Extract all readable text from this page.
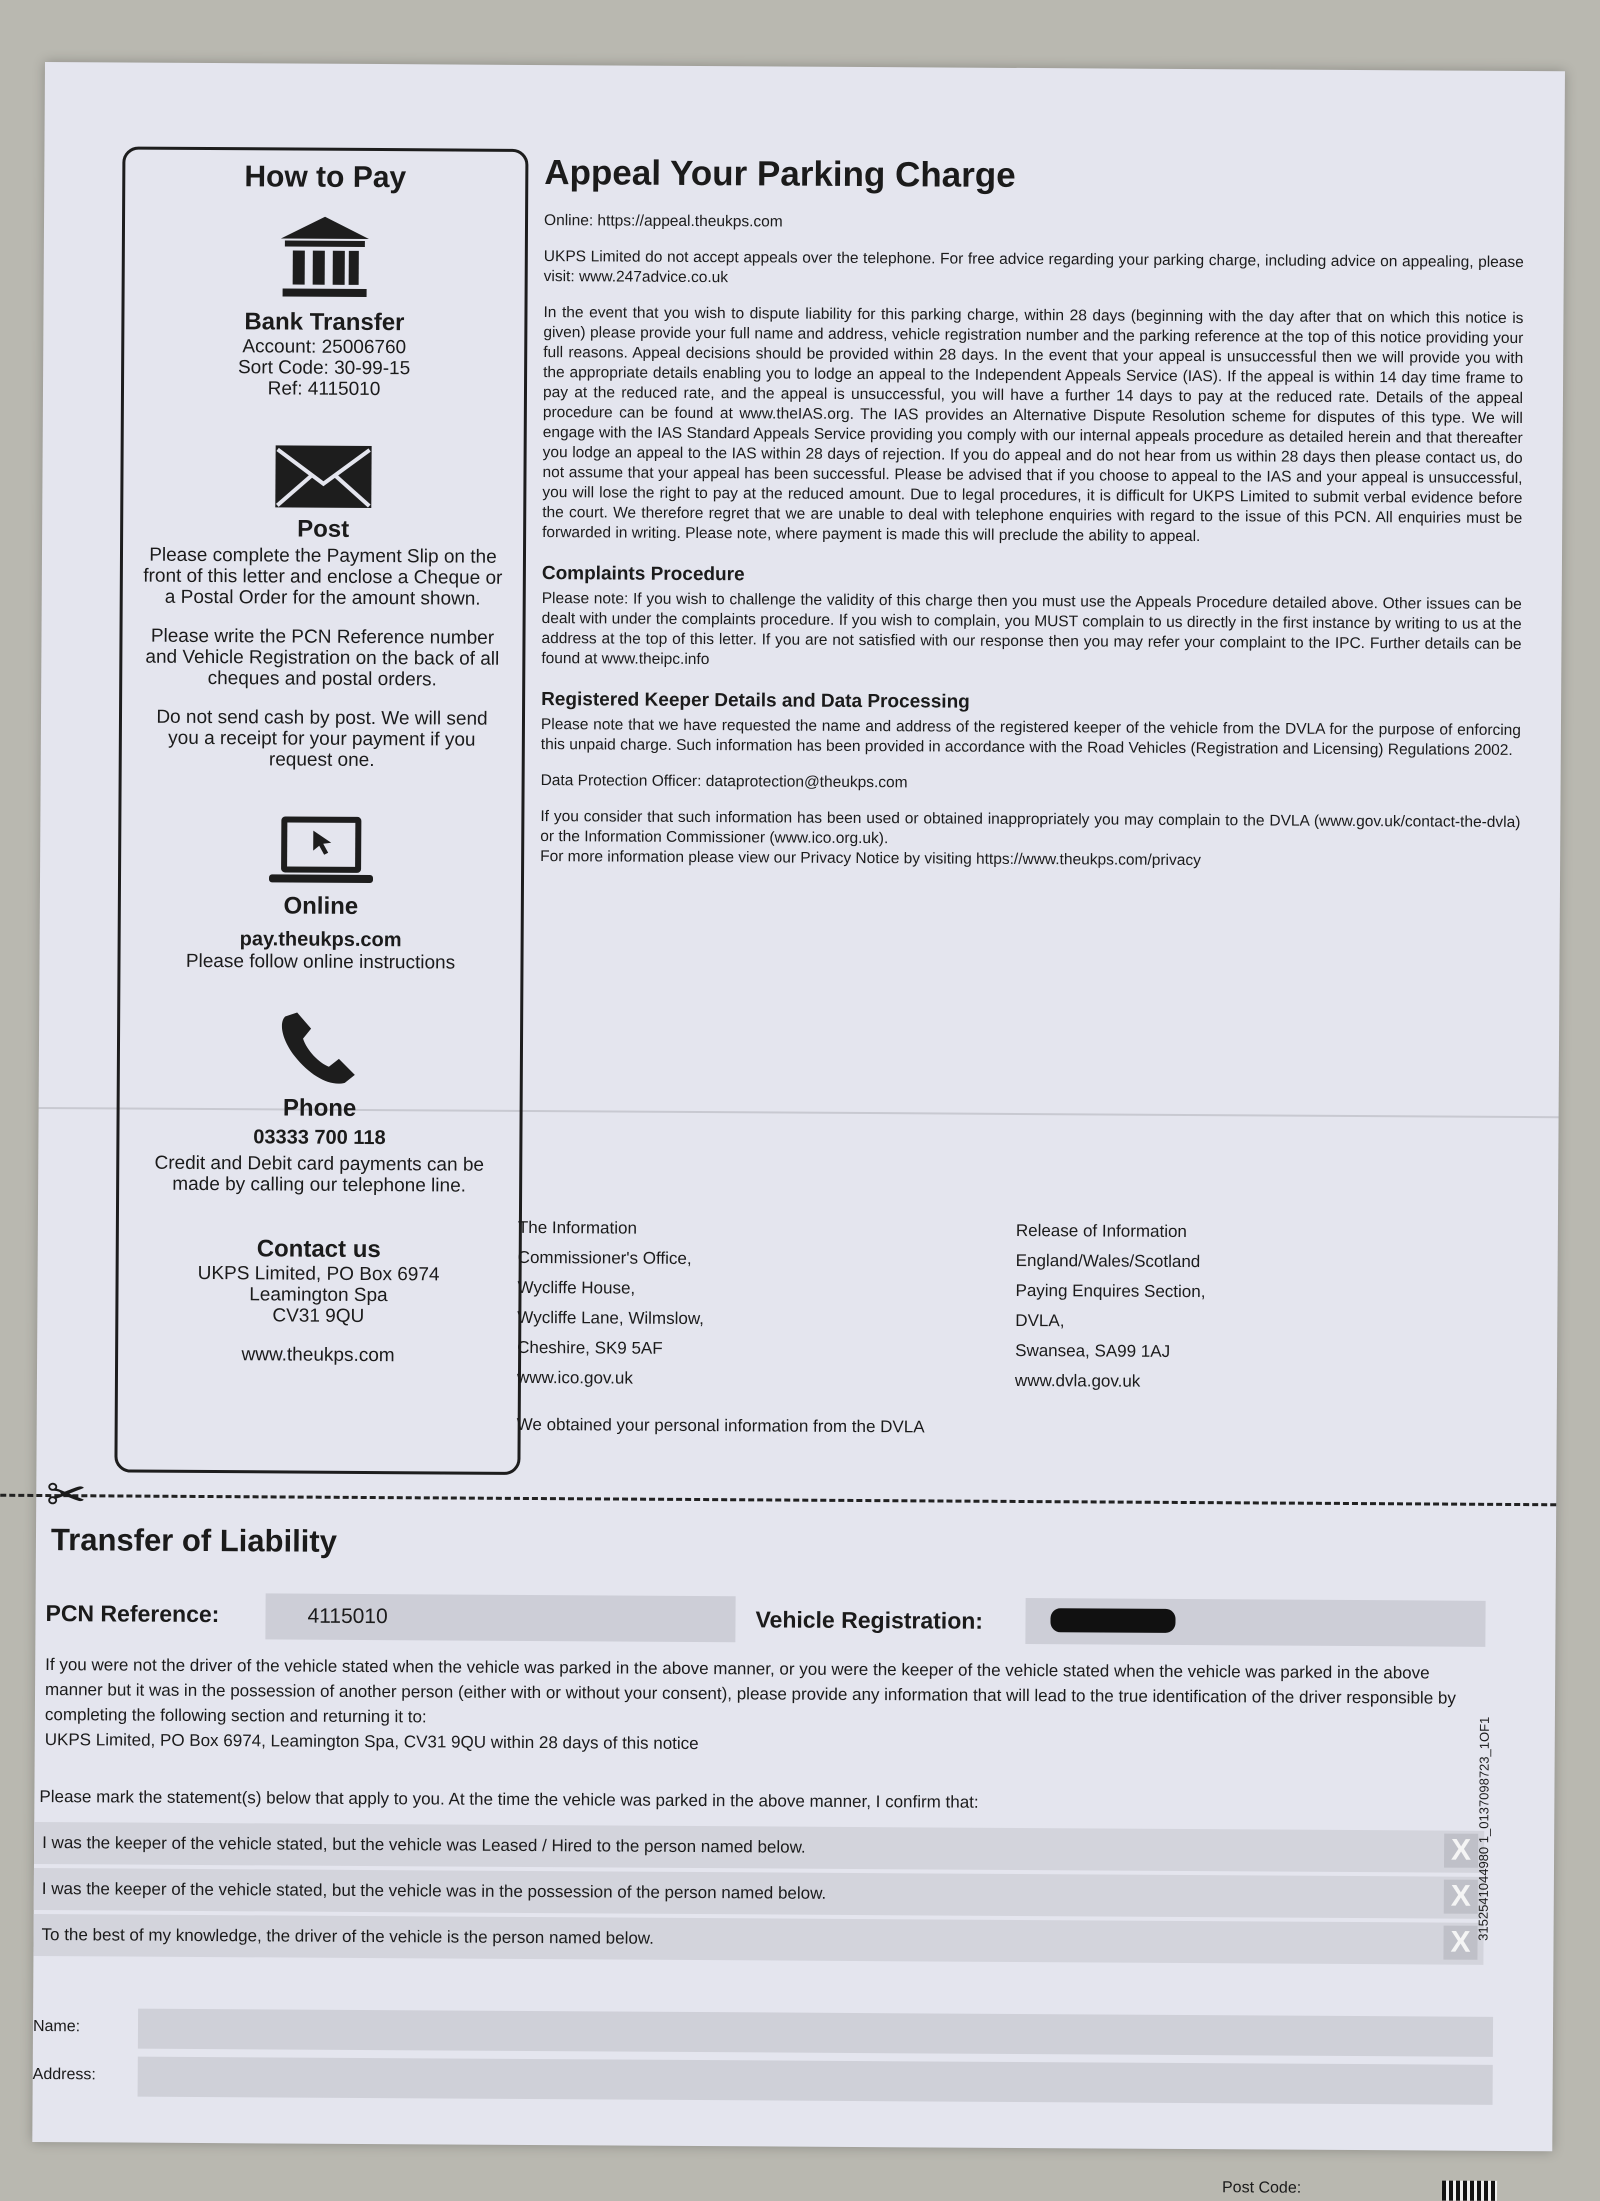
How to Pay
Bank Transfer
Account: 25006760
Sort Code: 30-99-15
Ref: 4115010
Post
Please complete the Payment Slip on the front of this letter and enclose a Cheque or a Postal Order for the amount shown.
Please write the PCN Reference number and Vehicle Registration on the back of all cheques and postal orders.
Do not send cash by post. We will send you a receipt for your payment if you request one.
Online
pay.theukps.com
Please follow online instructions
Phone
03333 700 118
Credit and Debit card payments can be made by calling our telephone line.
Contact us
UKPS Limited, PO Box 6974
Leamington Spa
CV31 9QU
www.theukps.com
Appeal Your Parking Charge

Online: https://appeal.theukps.com

UKPS Limited do not accept appeals over the telephone. For free advice regarding your parking charge, including advice on appealing, please visit: www.247advice.co.uk

In the event that you wish to dispute liability for this parking charge, within 28 days (beginning with the day after that on which this notice is given) please provide your full name and address, vehicle registration number and the parking reference at the top of this notice providing your full reasons. Appeal decisions should be provided within 28 days. In the event that your appeal is unsuccessful then we will provide you with the appropriate details enabling you to lodge an appeal to the Independent Appeals Service (IAS). If the appeal is within 14 day time frame to pay at the reduced rate, and the appeal is unsuccessful, you will have a further 14 days to pay at the reduced rate. Details of the appeal procedure can be found at www.theIAS.org. The IAS provides an Alternative Dispute Resolution scheme for disputes of this type. We will engage with the IAS Standard Appeals Service providing you comply with our internal appeals procedure as detailed herein and that thereafter you lodge an appeal to the IAS within 28 days of rejection. If you do appeal and do not hear from us within 28 days then please contact us, do not assume that your appeal has been successful. Please be advised that if you choose to appeal to the IAS and your appeal is unsuccessful, you will lose the right to pay at the reduced amount. Due to legal procedures, it is difficult for UKPS Limited to submit verbal evidence before the court. We therefore regret that we are unable to deal with telephone enquiries with regard to the issue of this PCN. All enquiries must be forwarded in writing. Please note, where payment is made this will preclude the ability to appeal.

Complaints Procedure

Please note: If you wish to challenge the validity of this charge then you must use the Appeals Procedure detailed above. Other issues can be dealt with under the complaints procedure. If you wish to complain, you MUST complain to us directly in the first instance by writing to us at the address at the top of this letter. If you are not satisfied with our response then you may refer your complaint to the IPC. Further details can be found at www.theipc.info

Registered Keeper Details and Data Processing

Please note that we have requested the name and address of the registered keeper of the vehicle from the DVLA for the purpose of enforcing this unpaid charge. Such information has been provided in accordance with the Road Vehicles (Registration and Licensing) Regulations 2002.

Data Protection Officer: dataprotection@theukps.com

If you consider that such information has been used or obtained inappropriately you may complain to the DVLA (www.gov.uk/contact-the-dvla) or the Information Commissioner (www.ico.org.uk).

For more information please view our Privacy Notice by visiting https://www.theukps.com/privacy

The Information
Commissioner's Office,
Wycliffe House,
Wycliffe Lane, Wilmslow,
Cheshire, SK9 5AF
www.ico.gov.uk
Release of Information
England/Wales/Scotland
Paying Enquires Section,
DVLA,
Swansea, SA99 1AJ
www.dvla.gov.uk
We obtained your personal information from the DVLA
✂
Transfer of Liability
PCN Reference:	4115010	Vehicle Registration:
If you were not the driver of the vehicle stated when the vehicle was parked in the above manner, or you were the keeper of the vehicle stated when the vehicle was parked in the above manner but it was in the possession of another person (either with or without your consent), please provide any information that will lead to the true identification of the driver responsible by completing the following section and returning it to:
UKPS Limited, PO Box 6974, Leamington Spa, CV31 9QU within 28 days of this notice
Please mark the statement(s) below that apply to you. At the time the vehicle was parked in the above manner, I confirm that:
I was the keeper of the vehicle stated, but the vehicle was Leased / Hired to the person named below.	X
I was the keeper of the vehicle stated, but the vehicle was in the possession of the person named below.	X
To the best of my knowledge, the driver of the vehicle is the person named below.	X
Name:
Address:
Post Code:
3152541044980 1_0137098723_1OF1
